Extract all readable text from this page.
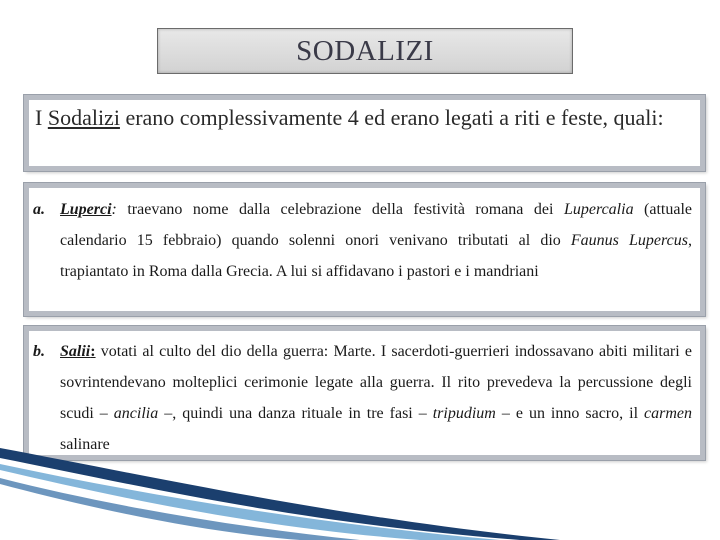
SODALIZI

I Sodalizi erano complessivamente 4 ed erano legati a riti e feste, quali:

a. Luperci: traevano nome dalla celebrazione della festività romana dei Lupercalia (attuale calendario 15 febbraio) quando solenni onori venivano tributati al dio Faunus Lupercus, trapiantato in Roma dalla Grecia. A lui si affidavano i pastori e i mandriani

b. Salii: votati al culto del dio della guerra: Marte. I sacerdoti-guerrieri indossavano abiti militari e sovrintendevano molteplici cerimonie legate alla guerra. Il rito prevedeva la percussione degli scudi – ancilia –, quindi una danza rituale in tre fasi – tripudium – e un inno sacro, il carmen salinare
